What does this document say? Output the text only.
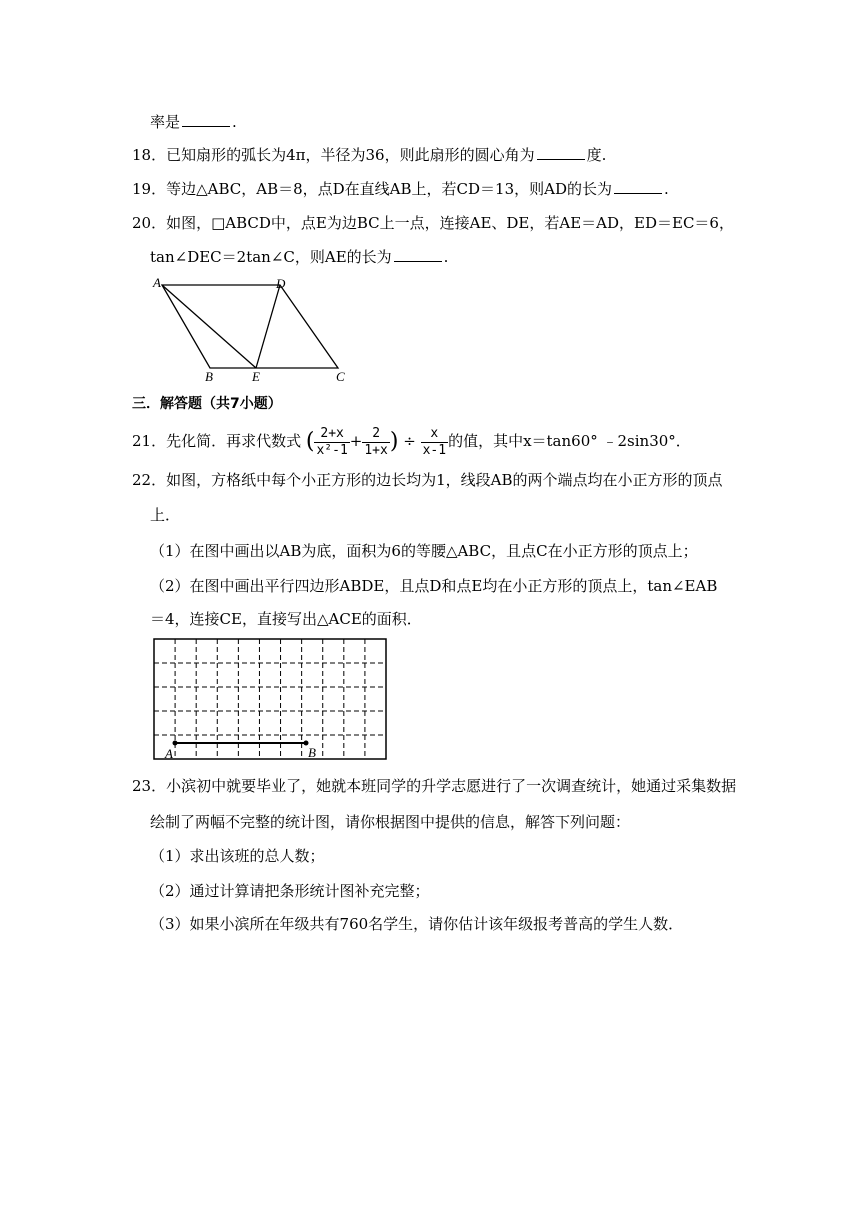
率是	.
18．已知扇形的弧长为4π，半径为36，则此扇形的圆心角为	度.
19．等边△ABC，AB＝8，点D在直线AB上，若CD＝13，则AD的长为	.
20．如图，□ABCD中，点E为边BC上一点，连接AE、DE，若AE＝AD，ED＝EC＝6，
tan∠DEC＝2tan∠C，则AE的长为	.
A	D
B	E	C
三．解答题（共7小题）
21．先化简．再求代数式 ( $\frac{2+x}{\text{x²-1}} + \frac{2}{1+x}$ ) ÷ $\frac{x}{x-1}$ 的值，其中x＝tan60° ﹣2sin30°．
22．如图，方格纸中每个小正方形的边长均为1，线段AB的两个端点均在小正方形的顶点
上．
（1）在图中画出以AB为底，面积为6的等腰△ABC，且点C在小正方形的顶点上；
（2）在图中画出平行四边形ABDE，且点D和点E均在小正方形的顶点上，tan∠EAB
＝4，连接CE，直接写出△ACE的面积．
A	B
23．小滨初中就要毕业了，她就本班同学的升学志愿进行了一次调查统计，她通过采集数据
绘制了两幅不完整的统计图，请你根据图中提供的信息，解答下列问题：
（1）求出该班的总人数；
（2）通过计算请把条形统计图补充完整；
（3）如果小滨所在年级共有760名学生，请你估计该年级报考普高的学生人数．
